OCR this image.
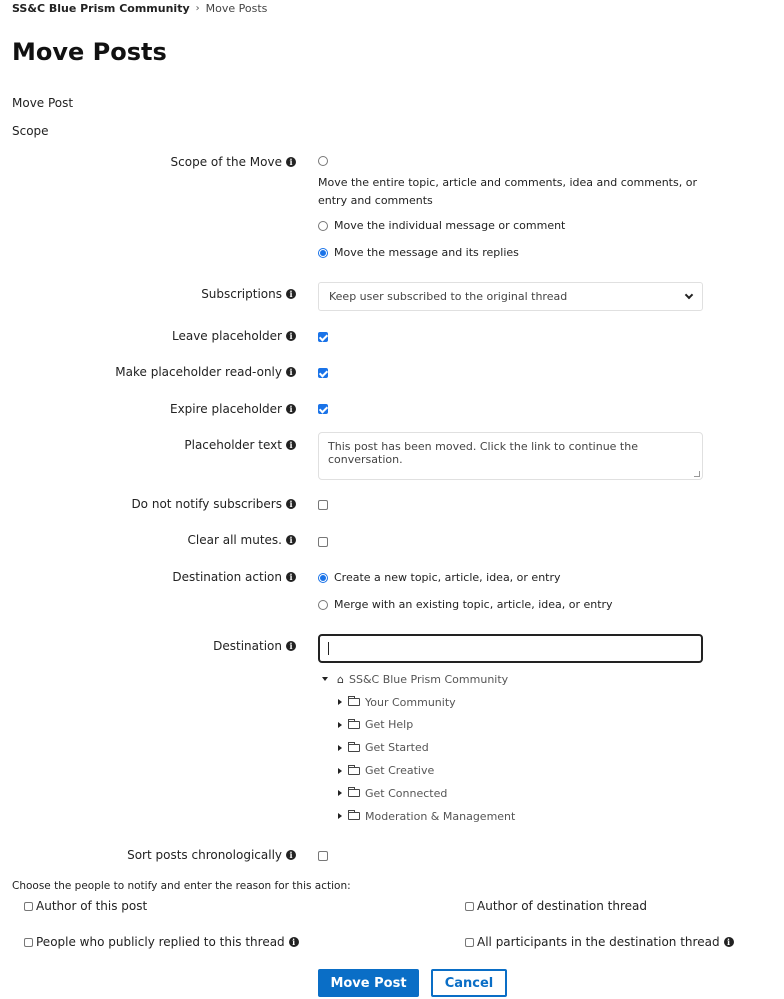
SS&C Blue Prism Community › Move Posts
Move Posts
Move Post
Scope
Scope of the Move i
Move the entire topic, article and comments, idea and comments, or entry and comments
Move the individual message or comment
Move the message and its replies
Subscriptions i	Keep user subscribed to the original thread
Leave placeholder i
Make placeholder read-only i
Expire placeholder i
Placeholder text i	This post has been moved. Click the link to continue the conversation.
Do not notify subscribers i
Clear all mutes. i
Destination action i	Create a new topic, article, idea, or entry
Merge with an existing topic, article, idea, or entry
Destination i
⌂ SS&C Blue Prism Community
Your Community
Get Help
Get Started
Get Creative
Get Connected
Moderation & Management
Sort posts chronologically i
Choose the people to notify and enter the reason for this action:
Author of this post	Author of destination thread
People who publicly replied to this thread i	All participants in the destination thread i
Move Post	Cancel
